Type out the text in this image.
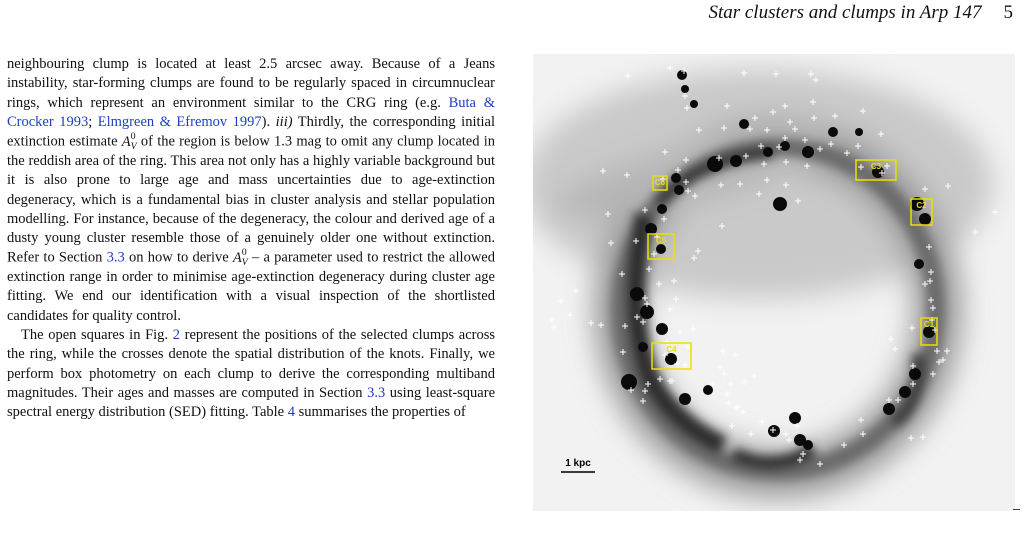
Star clusters and clumps in Arp 147 5

neighbouring clump is located at least 2.5 arcsec away. Because of a Jeans instability, star-forming clumps are found to be regularly spaced in circumnuclear rings, which represent an environment similar to the CRG ring (e.g. Buta & Crocker 1993; Elmgreen & Efremov 1997). iii) Thirdly, the corresponding initial extinction estimate A 0
V of the region is below 1.3 mag to omit any clump located in the reddish area of the ring. This area not only has a highly variable background but it is also prone to large age and mass uncertainties due to age-extinction degeneracy, which is a fundamental bias in cluster analysis and stellar population modelling. For instance, because of the degeneracy, the colour and derived age of a dusty young cluster resemble those of a genuinely older one without extinction. Refer to Section 3.3 on how to derive A 0
V – a parameter used to restrict the allowed extinction range in order to minimise age-extinction degeneracy during cluster age fitting. We end our identification with a visual inspection of the shortlisted candidates for quality control.

The open squares in Fig. 2 represent the positions of the selected clumps across the ring, while the crosses denote the spatial distribution of the knots. Finally, we perform box photometry on each clump to derive the corresponding multiband magnitudes. Their ages and masses are computed in Section 3.3 using least-square spectral energy distribution (SED) fitting. Table 4 summarises the properties of

C1
C2
C3
C4
C5
C6
1 kpc
